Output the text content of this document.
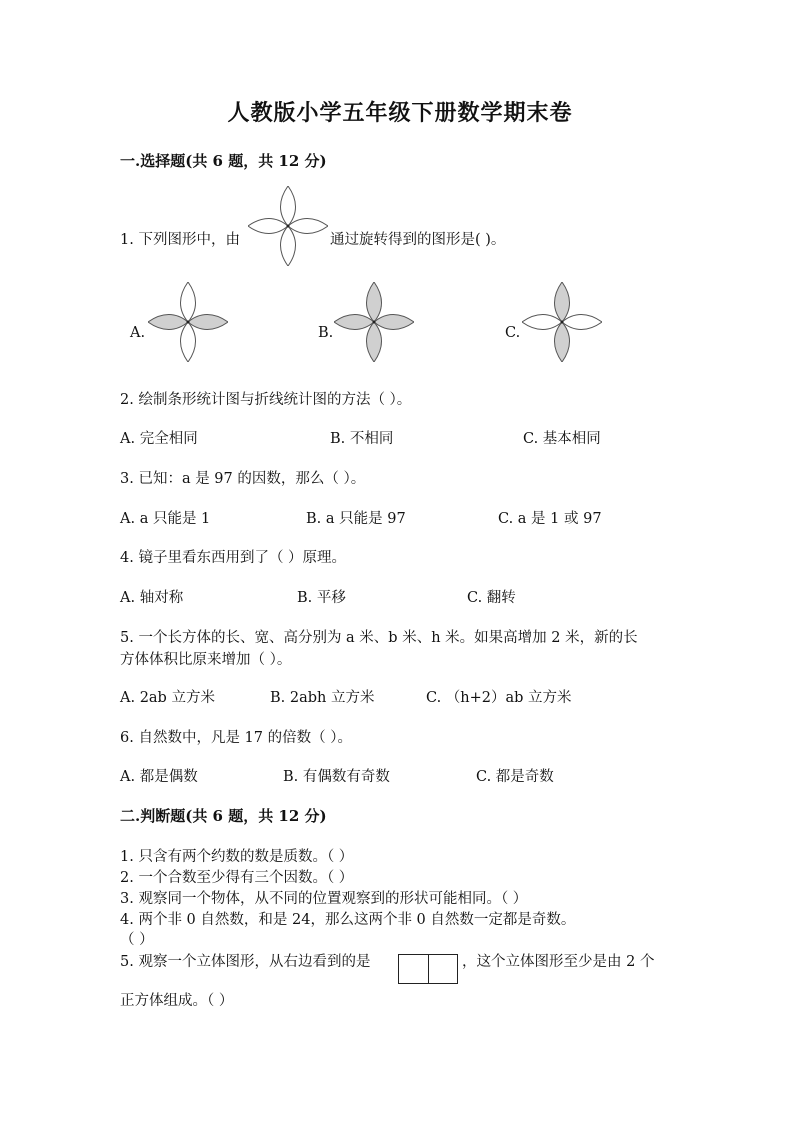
人教版小学五年级下册数学期末卷
一.选择题(共 6 题，共 12 分)
1. 下列图形中，由	通过旋转得到的图形是( )。
A.	B.	C.
2. 绘制条形统计图与折线统计图的方法（ ）。
A. 完全相同	B. 不相同	C. 基本相同
3. 已知：a 是 97 的因数，那么（ ）。
A. a 只能是 1	B. a 只能是 97	C. a 是 1 或 97
4. 镜子里看东西用到了（ ）原理。
A. 轴对称	B. 平移	C. 翻转
5. 一个长方体的长、宽、高分别为 a 米、b 米、h 米。如果高增加 2 米，新的长
方体体积比原来增加（ ）。
A. 2ab 立方米	B. 2abh 立方米	C. （h+2）ab 立方米
6. 自然数中，凡是 17 的倍数（ ）。
A. 都是偶数	B. 有偶数有奇数	C. 都是奇数
二.判断题(共 6 题，共 12 分)
1. 只含有两个约数的数是质数。（ ）
2. 一个合数至少得有三个因数。（ ）
3. 观察同一个物体，从不同的位置观察到的形状可能相同。（ ）
4. 两个非 0 自然数，和是 24，那么这两个非 0 自然数一定都是奇数。
（ ）
5. 观察一个立体图形，从右边看到的是	，这个立体图形至少是由 2 个
正方体组成。（ ）
